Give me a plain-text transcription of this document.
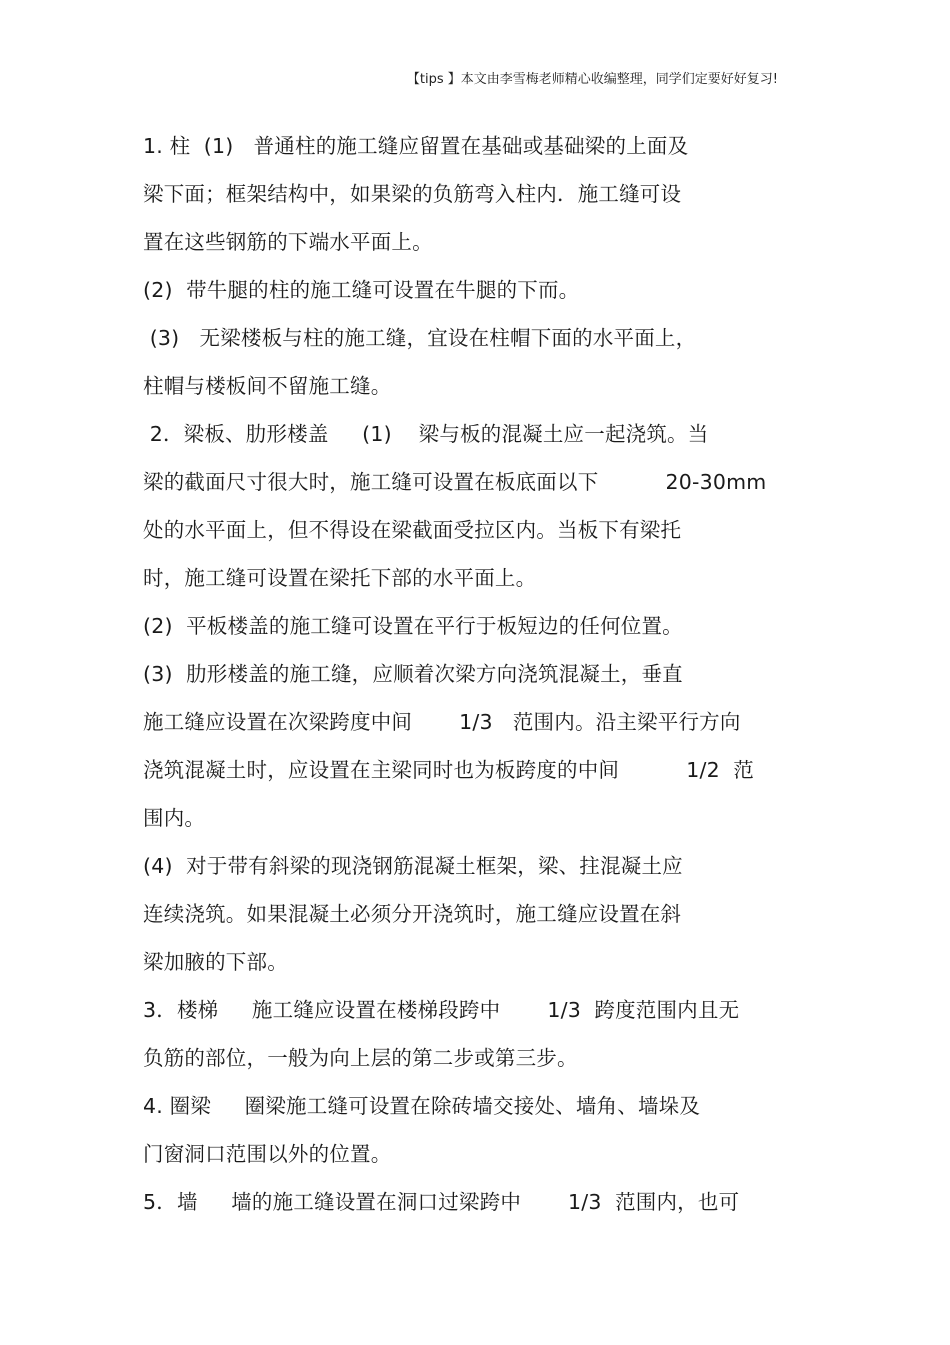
【tips 】本文由李雪梅老师精心收编整理，同学们定要好好复习!
1. 柱  (1)   普通柱的施工缝应留置在基础或基础梁的上面及
梁下面；框架结构中，如果梁的负筋弯入柱内．施工缝可设
置在这些钢筋的下端水平面上。
(2)  带牛腿的柱的施工缝可设置在牛腿的下而。
(3)   无梁楼板与柱的施工缝，宜设在柱帽下面的水平面上，
柱帽与楼板间不留施工缝。
2．梁板、肋形楼盖     (1)    梁与板的混凝土应一起浇筑。当
梁的截面尺寸很大时，施工缝可设置在板底面以下          20-30mm
处的水平面上，但不得设在梁截面受拉区内。当板下有梁托
时，施工缝可设置在梁托下部的水平面上。
(2)  平板楼盖的施工缝可设置在平行于板短边的任何位置。
(3)  肋形楼盖的施工缝，应顺着次梁方向浇筑混凝土，垂直
施工缝应设置在次梁跨度中间       1/3   范围内。沿主梁平行方向
浇筑混凝土时，应设置在主梁同时也为板跨度的中间          1/2  范
围内。
(4)  对于带有斜梁的现浇钢筋混凝土框架，梁、拄混凝土应
连续浇筑。如果混凝土必须分开浇筑时，施工缝应设置在斜
梁加腋的下部。
3．楼梯     施工缝应设置在楼梯段跨中       1/3  跨度范围内且无
负筋的部位，一般为向上层的第二步或第三步。
4. 圈梁     圈梁施工缝可设置在除砖墙交接处、墙角、墙垛及
门窗洞口范围以外的位置。
5．墙     墙的施工缝设置在洞口过梁跨中       1/3  范围内，也可
